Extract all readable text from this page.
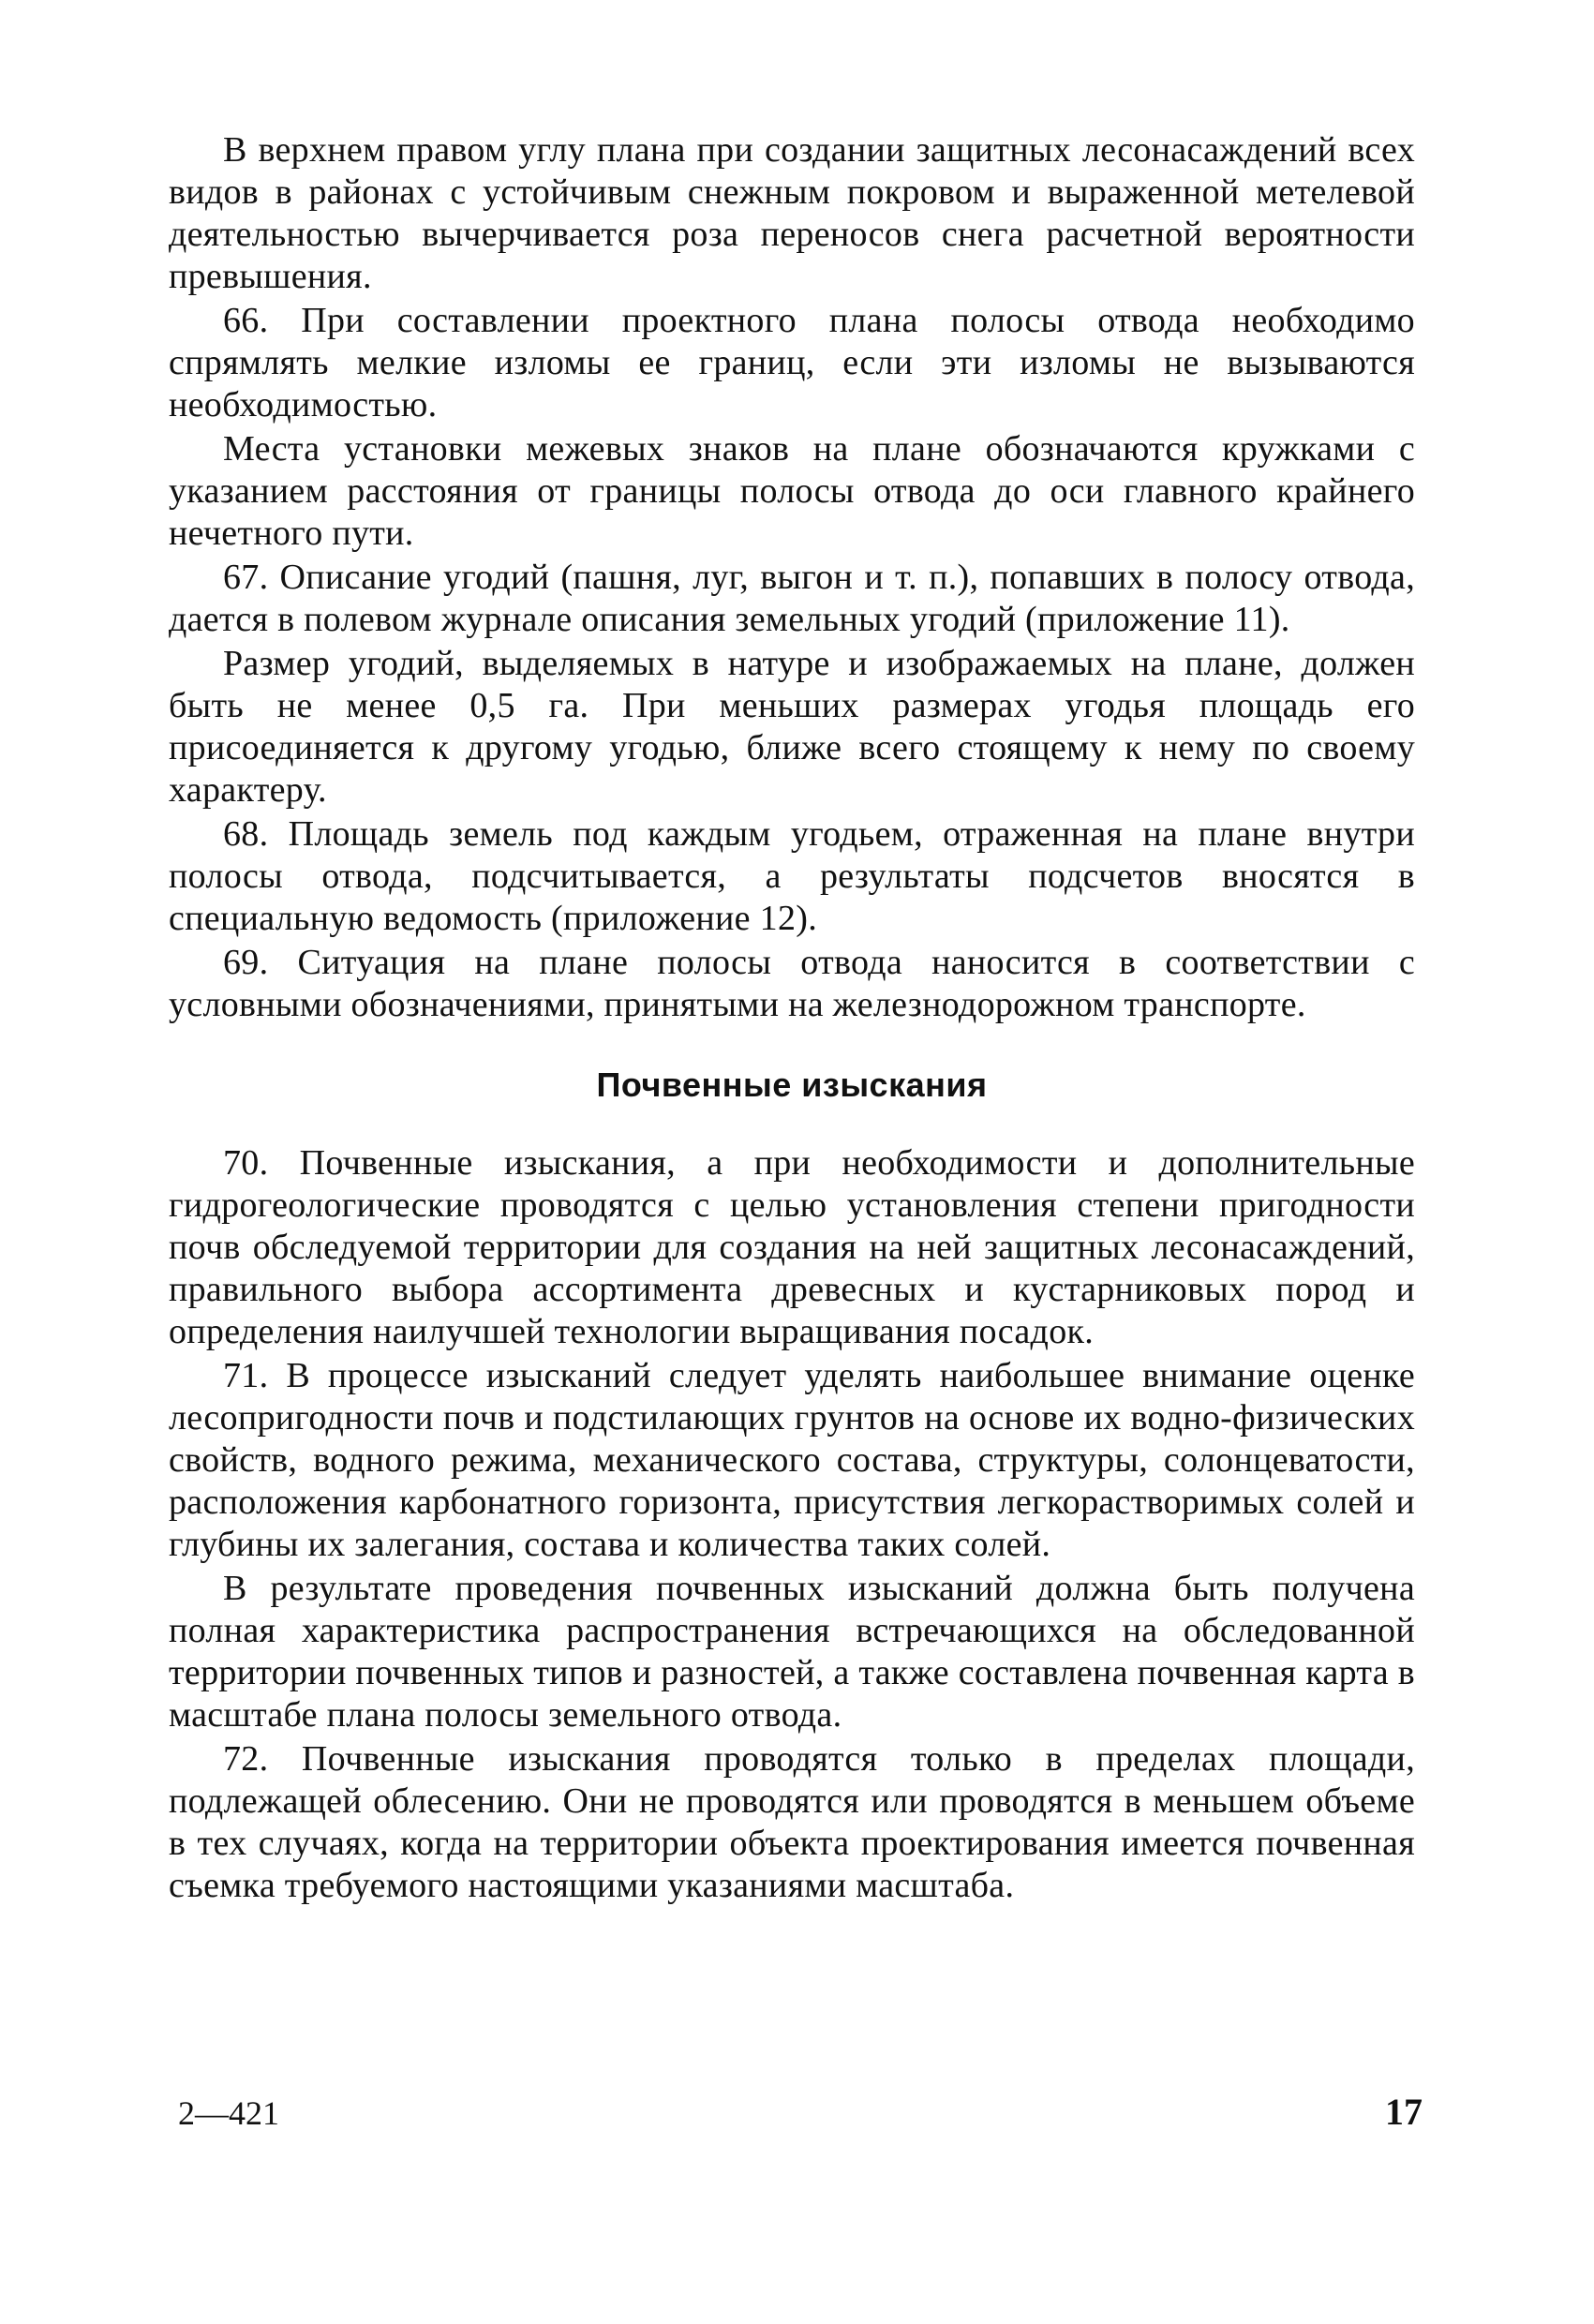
В верхнем правом углу плана при создании защитных лесонасаждений всех видов в районах с устойчивым снежным покровом и выраженной метелевой деятельностью вычерчивается роза переносов снега расчетной вероятности превышения.

66. При составлении проектного плана полосы отвода необходимо спрямлять мелкие изломы ее границ, если эти изломы не вызываются необходимостью.

Места установки межевых знаков на плане обозначаются кружками с указанием расстояния от границы полосы отвода до оси главного крайнего нечетного пути.

67. Описание угодий (пашня, луг, выгон и т. п.), попавших в полосу отвода, дается в полевом журнале описания земельных угодий (приложение 11).

Размер угодий, выделяемых в натуре и изображаемых на плане, должен быть не менее 0,5 га. При меньших размерах угодья площадь его присоединяется к другому угодью, ближе всего стоящему к нему по своему характеру.

68. Площадь земель под каждым угодьем, отраженная на плане внутри полосы отвода, подсчитывается, а результаты подсчетов вносятся в специальную ведомость (приложение 12).

69. Ситуация на плане полосы отвода наносится в соответствии с условными обозначениями, принятыми на железнодорожном транспорте.

Почвенные изыскания

70. Почвенные изыскания, а при необходимости и дополнительные гидрогеологические проводятся с целью установления степени пригодности почв обследуемой территории для создания на ней защитных лесонасаждений, правильного выбора ассортимента древесных и кустарниковых пород и определения наилучшей технологии выращивания посадок.

71. В процессе изысканий следует уделять наибольшее внимание оценке лесопригодности почв и подстилающих грунтов на основе их водно-физических свойств, водного режима, механического состава, структуры, солонцеватости, расположения карбонатного горизонта, присутствия легкорастворимых солей и глубины их залегания, состава и количества таких солей.

В результате проведения почвенных изысканий должна быть получена полная характеристика распространения встречающихся на обследованной территории почвенных типов и разностей, а также составлена почвенная карта в масштабе плана полосы земельного отвода.

72. Почвенные изыскания проводятся только в пределах площади, подлежащей облесению. Они не проводятся или проводятся в меньшем объеме в тех случаях, когда на территории объекта проектирования имеется почвенная съемка требуемого настоящими указаниями масштаба.

2—421	17
